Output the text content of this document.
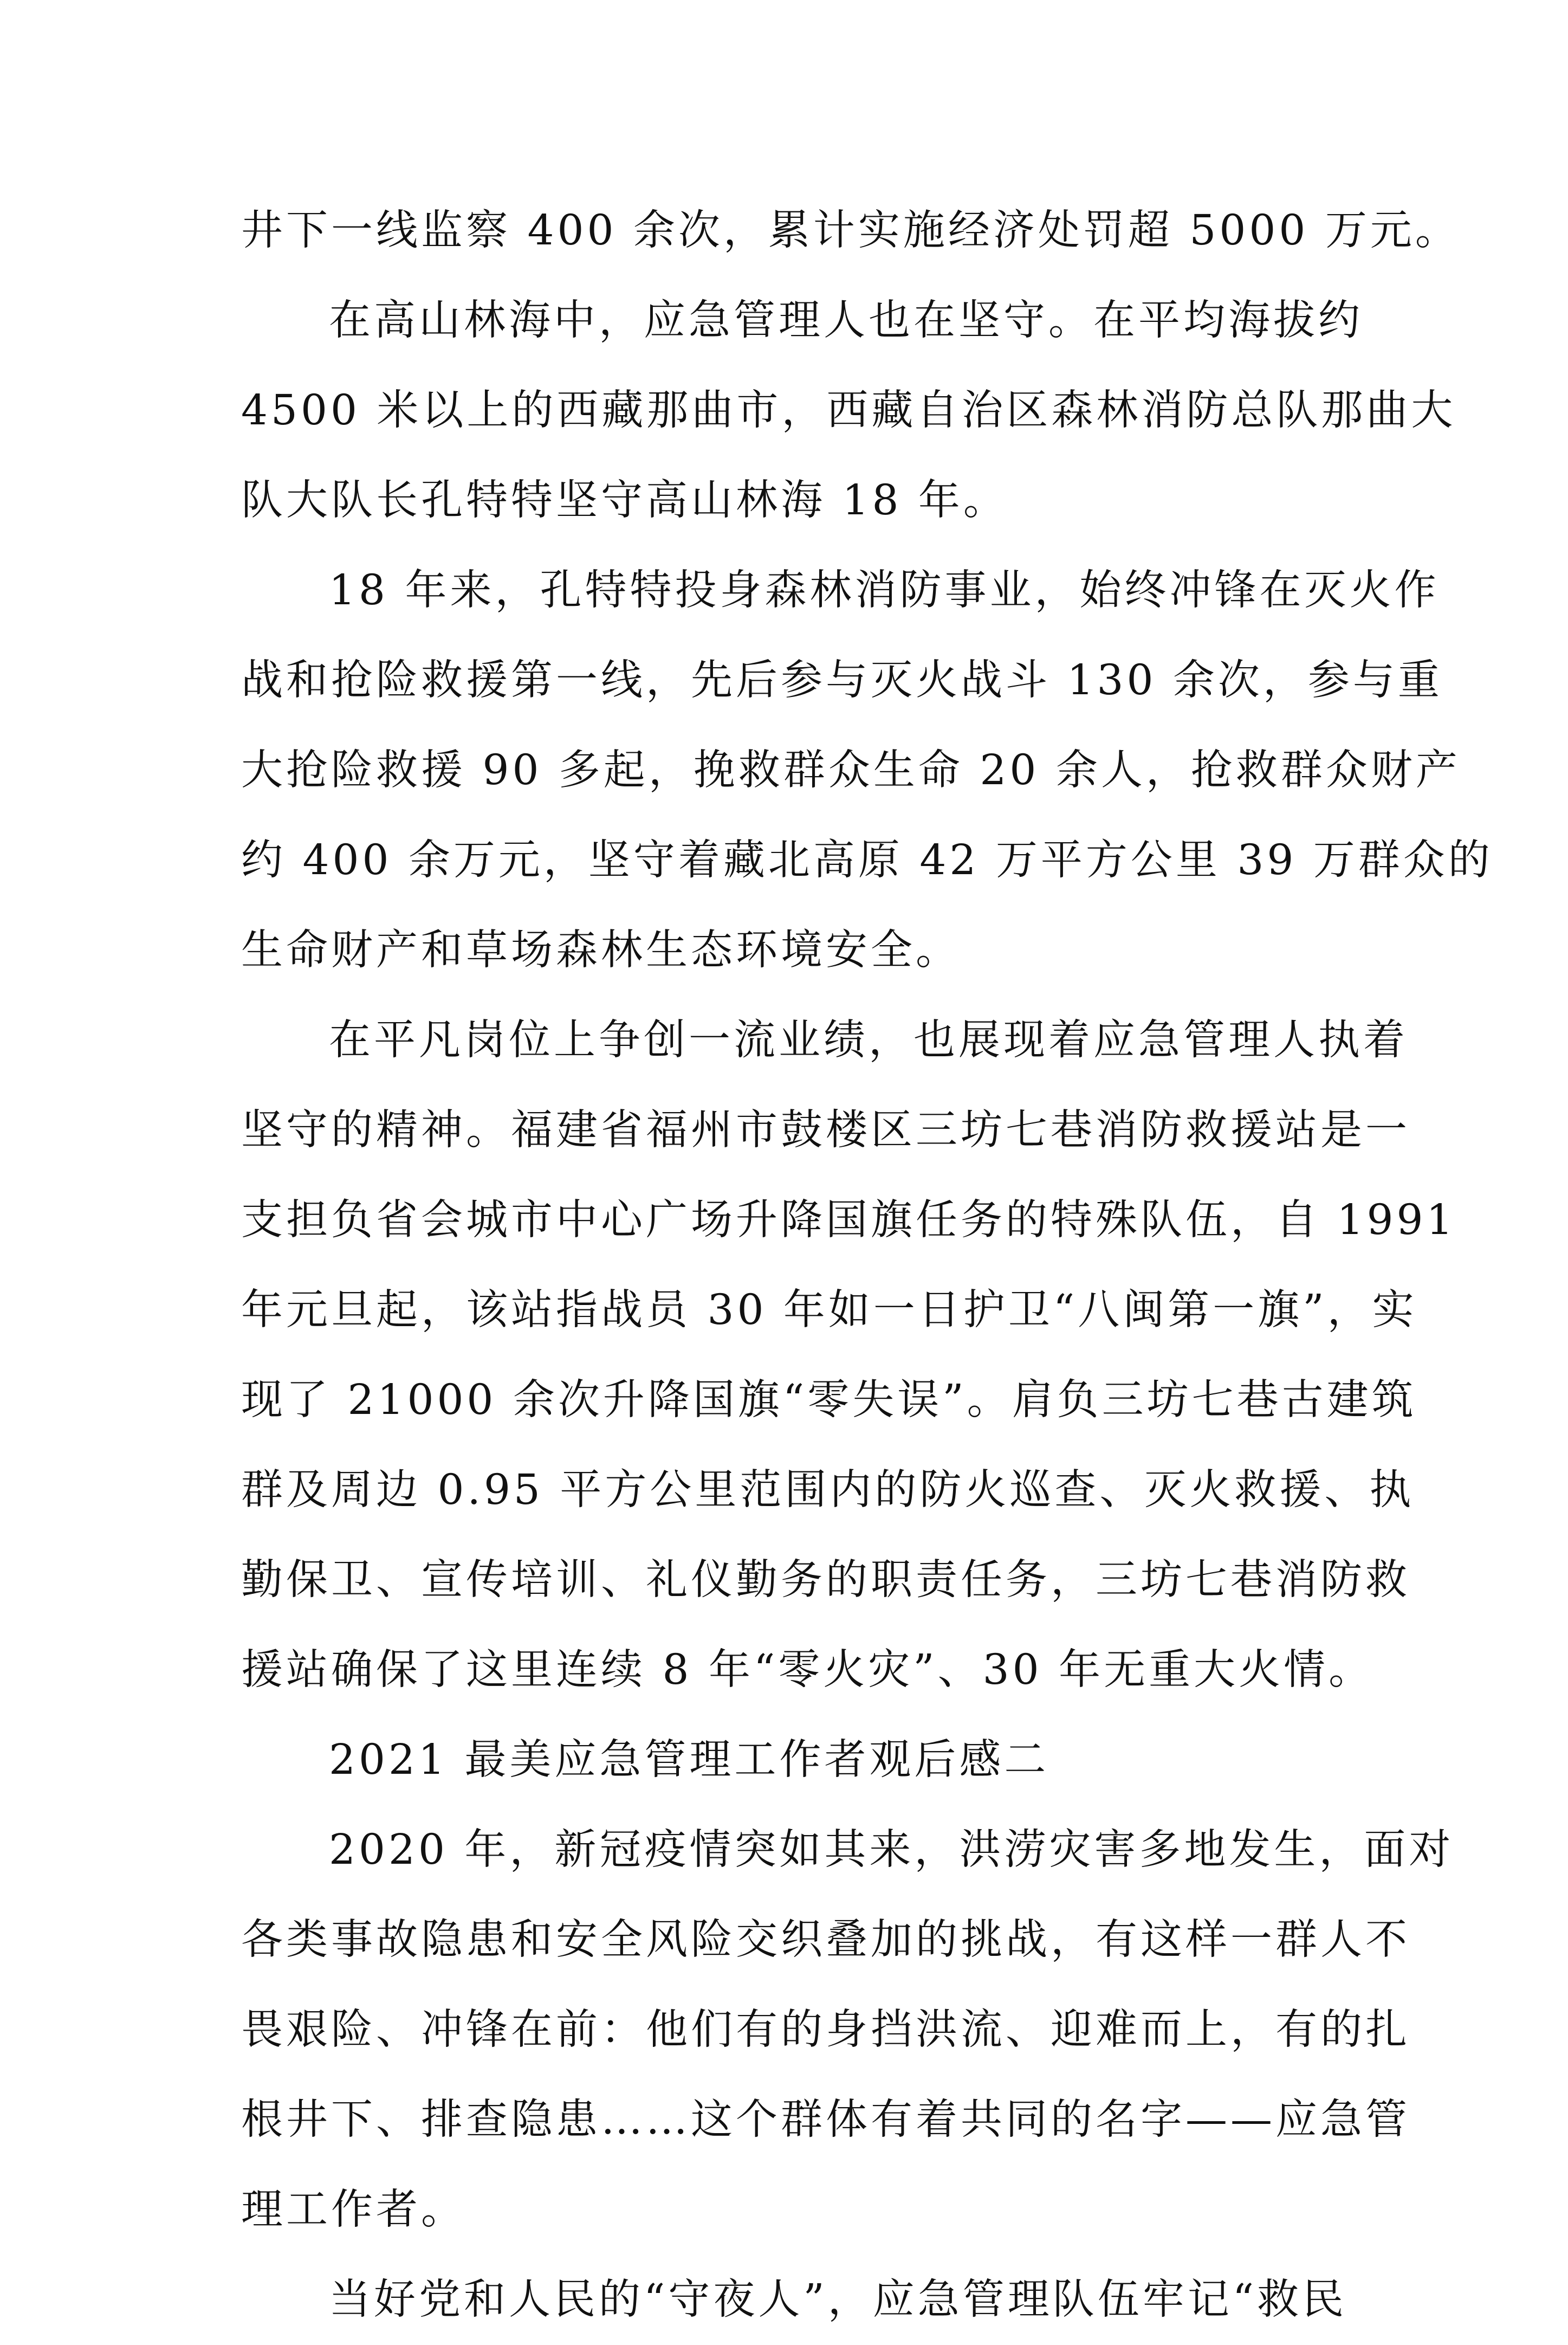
井下一线监察 400 余次，累计实施经济处罚超 5000 万元。
在高山林海中，应急管理人也在坚守。在平均海拔约
4500 米以上的西藏那曲市，西藏自治区森林消防总队那曲大
队大队长孔特特坚守高山林海 18 年。
18 年来，孔特特投身森林消防事业，始终冲锋在灭火作
战和抢险救援第一线，先后参与灭火战斗 130 余次，参与重
大抢险救援 90 多起，挽救群众生命 20 余人，抢救群众财产
约 400 余万元，坚守着藏北高原 42 万平方公里 39 万群众的
生命财产和草场森林生态环境安全。
在平凡岗位上争创一流业绩，也展现着应急管理人执着
坚守的精神。福建省福州市鼓楼区三坊七巷消防救援站是一
支担负省会城市中心广场升降国旗任务的特殊队伍，自 1991
年元旦起，该站指战员 30 年如一日护卫“八闽第一旗”，实
现了 21000 余次升降国旗“零失误”。肩负三坊七巷古建筑
群及周边 0.95 平方公里范围内的防火巡查、灭火救援、执
勤保卫、宣传培训、礼仪勤务的职责任务，三坊七巷消防救
援站确保了这里连续 8 年“零火灾”、30 年无重大火情。
2021 最美应急管理工作者观后感二
2020 年，新冠疫情突如其来，洪涝灾害多地发生，面对
各类事故隐患和安全风险交织叠加的挑战，有这样一群人不
畏艰险、冲锋在前：他们有的身挡洪流、迎难而上，有的扎
根井下、排查隐患……这个群体有着共同的名字——应急管
理工作者。
当好党和人民的“守夜人”，应急管理队伍牢记“救民
